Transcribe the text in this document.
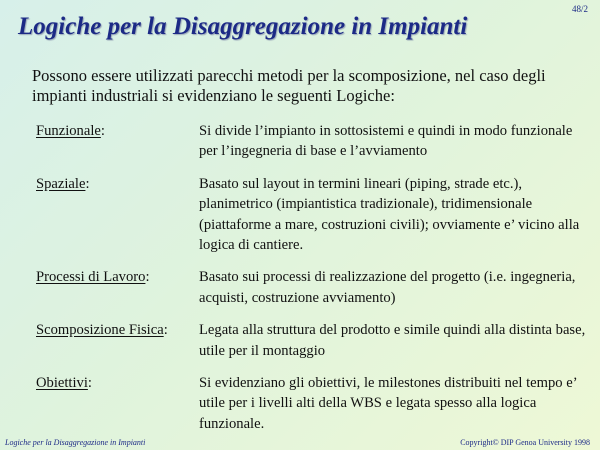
Logiche per la Disaggregazione in Impianti
48/2
Possono essere utilizzati parecchi metodi per la scomposizione, nel caso degli impianti industriali si evidenziano le seguenti Logiche:
Funzionale:	Si divide l’impianto in sottosistemi e quindi in modo funzionale per l’ingegneria di base e l’avviamento
Spaziale:	Basato sul layout in termini lineari (piping, strade etc.), planimetrico (impiantistica tradizionale), tridimensionale (piattaforme a mare, costruzioni civili); ovviamente e’ vicino alla logica di cantiere.
Processi di Lavoro:	Basato sui processi di realizzazione del progetto (i.e. ingegneria, acquisti, costruzione avviamento)
Scomposizione Fisica:	Legata alla struttura del prodotto e simile quindi alla distinta base, utile per il montaggio
Obiettivi:	Si evidenziano gli obiettivi, le milestones distribuiti nel tempo e’ utile per i livelli alti della WBS e legata spesso alla logica funzionale.
Logiche per la Disaggregazione in Impianti	Copyright© DIP Genoa University 1998
